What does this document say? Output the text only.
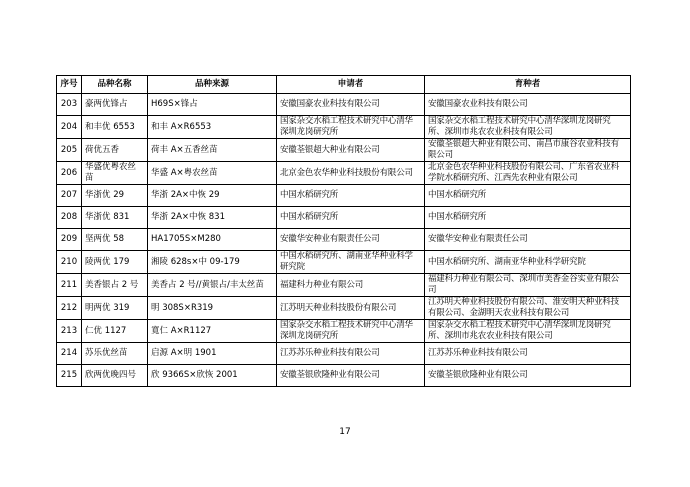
序号	品种名称	品种来源	申请者	育种者
203	豪两优锋占	H69S×锋占	安徽国豪农业科技有限公司	安徽国豪农业科技有限公司
204	和丰优 6553	和丰 A×R6553	国家杂交水稻工程技术研究中心清华深圳龙岗研究所	国家杂交水稻工程技术研究中心清华深圳龙岗研究所、深圳市兆农农业科技有限公司
205	荷优五香	荷丰 A×五香丝苗	安徽荃银超大种业有限公司	安徽荃银超大种业有限公司、南昌市康谷农业科技有限公司
206	华盛优粤农丝苗	华盛 A×粤农丝苗	北京金色农华种业科技股份有限公司	北京金色农华种业科技股份有限公司、广东省农业科学院水稻研究所、江西先农种业有限公司
207	华浙优 29	华浙 2A×中恢 29	中国水稻研究所	中国水稻研究所
208	华浙优 831	华浙 2A×中恢 831	中国水稻研究所	中国水稻研究所
209	坚两优 58	HA1705S×M280	安徽华安种业有限责任公司	安徽华安种业有限责任公司
210	陵两优 179	湘陵 628s×中 09-179	中国水稻研究所、湖南亚华种业科学研究院	中国水稻研究所、湖南亚华种业科学研究院
211	美香银占 2 号	美香占 2 号//黄银占/丰太丝苗	福建科力种业有限公司	福建科力种业有限公司、深圳市美香金谷实业有限公司
212	明两优 319	明 308S×R319	江苏明天种业科技股份有限公司	江苏明天种业科技股份有限公司、淮安明天种业科技有限公司、金湖明天农业科技有限公司
213	仁优 1127	寬仁 A×R1127	国家杂交水稻工程技术研究中心清华深圳龙岗研究所	国家杂交水稻工程技术研究中心清华深圳龙岗研究所、深圳市兆农农业科技有限公司
214	苏乐优丝苗	启源 A×明 1901	江苏苏乐种业科技有限公司	江苏苏乐种业科技有限公司
215	欣两优晚四号	欣 9366S×欣恢 2001	安徽荃银欣隆种业有限公司	安徽荃银欣隆种业有限公司
17
